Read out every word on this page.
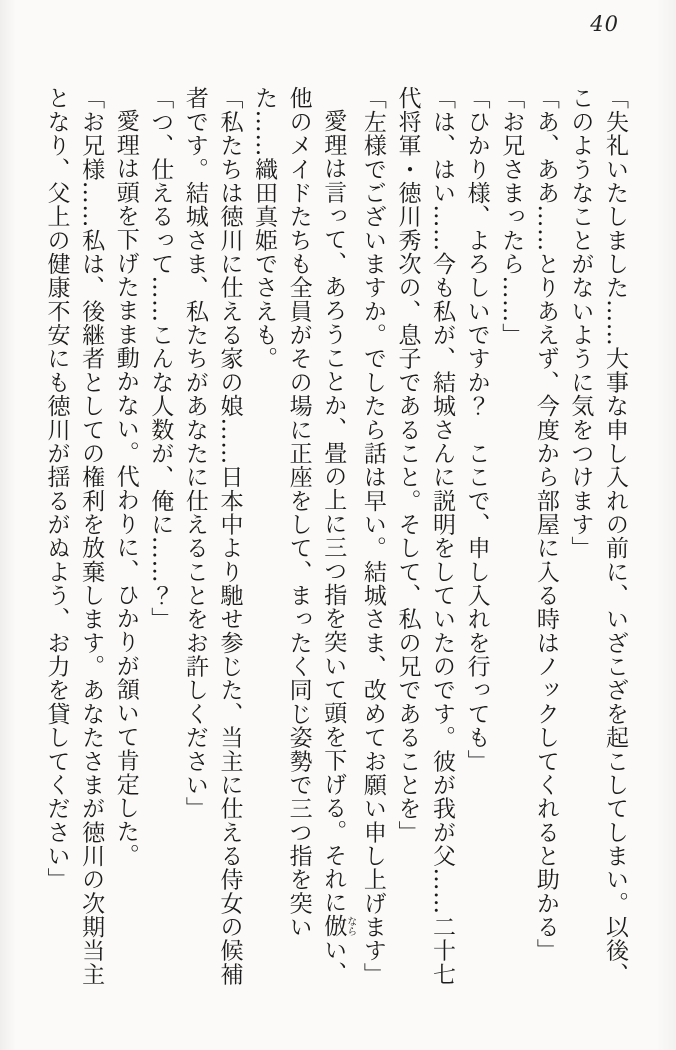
40

「失礼いたしました……大事な申し入れの前に、いざこざを起こしてしまい。以後、このようなことがないように気をつけます」

「あ、ああ……とりあえず、今度から部屋に入る時はノックしてくれると助かる」

「お兄さまったら……」

「ひかり様、よろしいですか？　ここで、申し入れを行っても」

「は、はい……今も私が、結城さんに説明をしていたのです。彼が我が父……二十七代将軍・徳川秀次の、息子であること。そして、私の兄であることを」

「左様でございますか。でしたら話は早い。結城さま、改めてお願い申し上げます」

愛理は言って、あろうことか、畳の上に三つ指を突いて頭を下げる。それに倣ならい、他のメイドたちも全員がその場に正座をして、まったく同じ姿勢で三つ指を突いた……織田真姫でさえも。

「私たちは徳川に仕える家の娘……日本中より馳せ参じた、当主に仕える侍女の候補者です。結城さま、私たちがあなたに仕えることをお許しください」

「つ、仕えるって……こんな人数が、俺に……？」

愛理は頭を下げたまま動かない。代わりに、ひかりが頷いて肯定した。

「お兄様……私は、後継者としての権利を放棄します。あなたさまが徳川の次期当主となり、父上の健康不安にも徳川が揺るがぬよう、お力を貸してください」
